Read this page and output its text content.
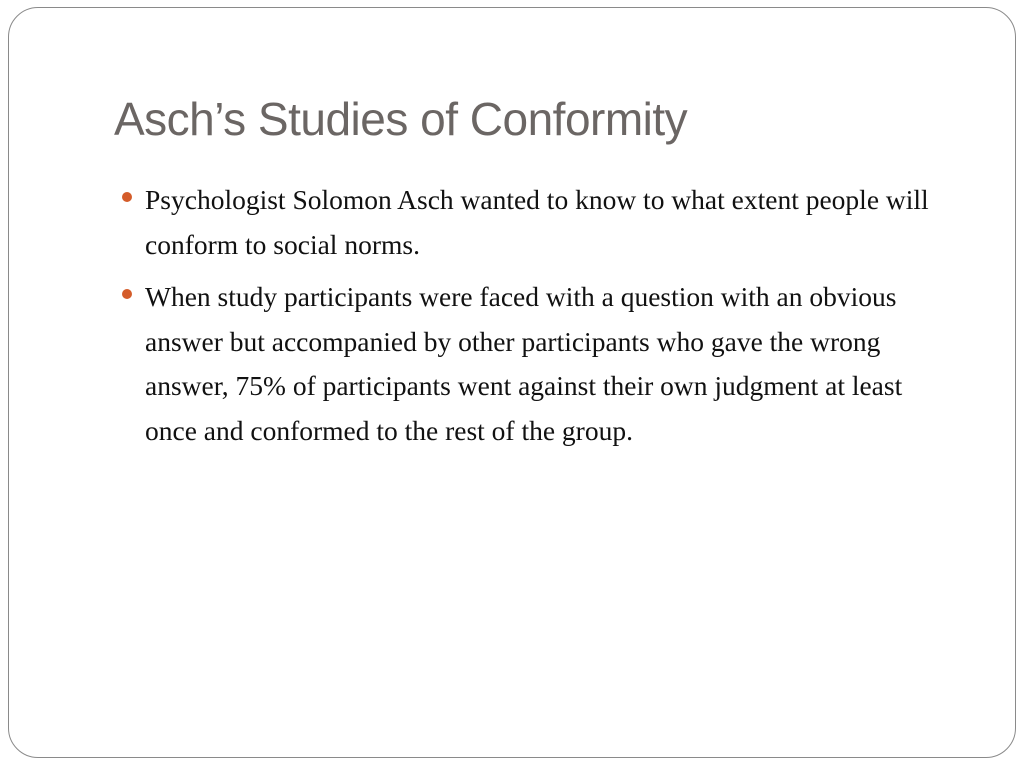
Asch’s Studies of Conformity
Psychologist Solomon Asch wanted to know to what extent people will conform to social norms.
When study participants were faced with a question with an obvious answer but accompanied by other participants who gave the wrong answer, 75% of participants went against their own judgment at least once and conformed to the rest of the group.
